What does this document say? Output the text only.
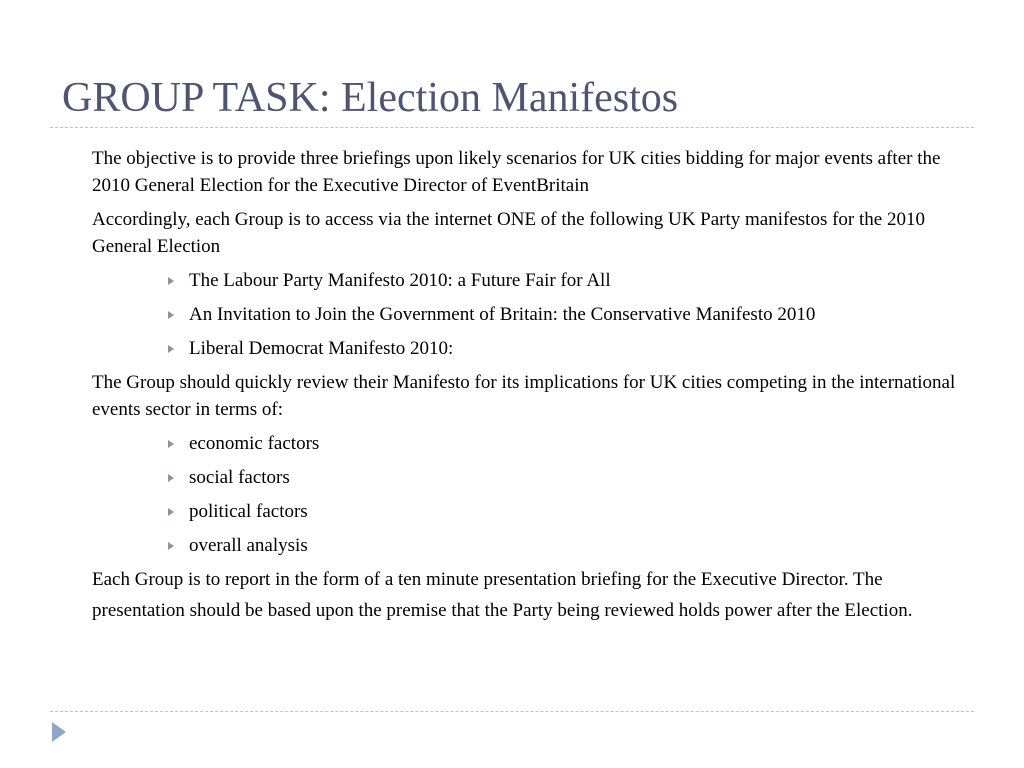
GROUP TASK: Election Manifestos

The objective is to provide three briefings upon likely scenarios for UK cities bidding for major events after the 2010 General Election for the Executive Director of EventBritain

Accordingly, each Group is to access via the internet ONE of the following UK Party manifestos for the 2010 General Election

The Labour Party Manifesto 2010: a Future Fair for All
An Invitation to Join the Government of Britain: the Conservative Manifesto 2010
Liberal Democrat Manifesto 2010:

The Group should quickly review their Manifesto for its implications for UK cities competing in the international events sector in terms of:

economic factors
social factors
political factors
overall analysis

Each Group is to report in the form of a ten minute presentation briefing for the Executive Director. The presentation should be based upon the premise that the Party being reviewed holds power after the Election.
